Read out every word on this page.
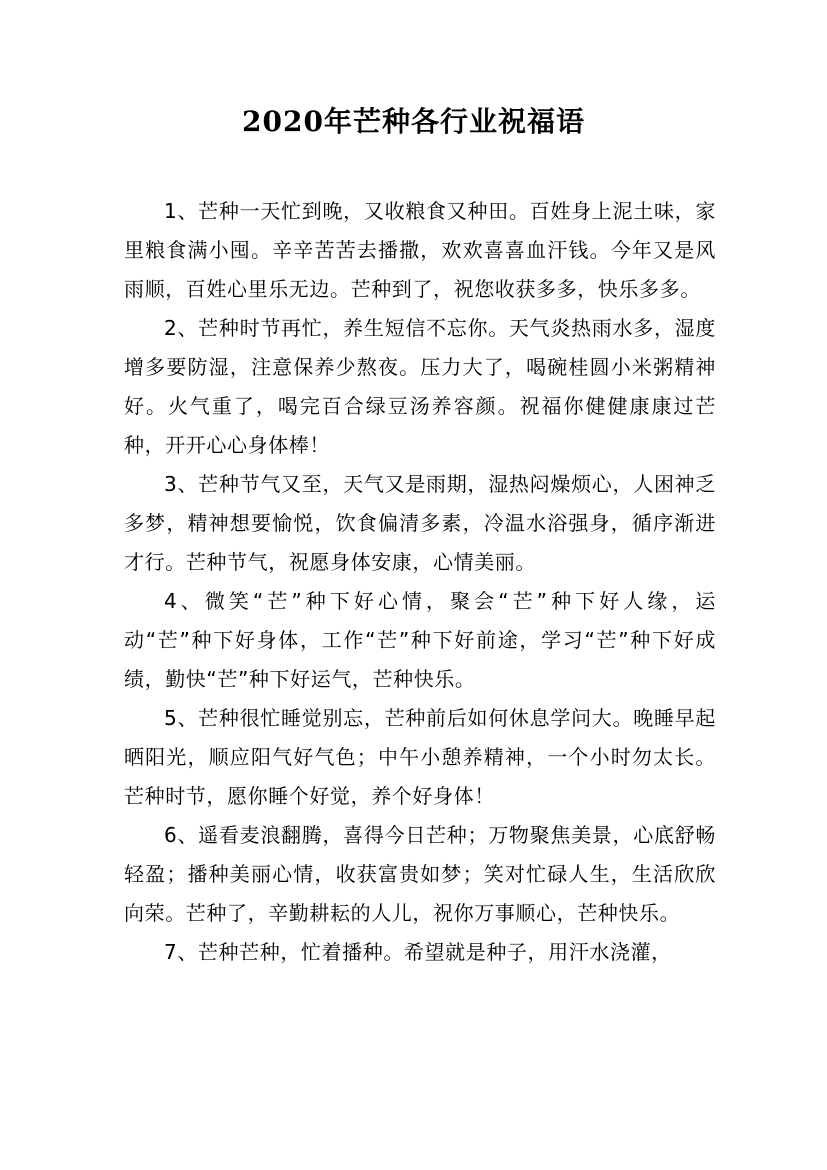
2020年芒种各行业祝福语

1、芒种一天忙到晚，又收粮食又种田。百姓身上泥土味，家里粮食满小囤。辛辛苦苦去播撒，欢欢喜喜血汗钱。今年又是风雨顺，百姓心里乐无边。芒种到了，祝您收获多多，快乐多多。

2、芒种时节再忙，养生短信不忘你。天气炎热雨水多，湿度增多要防湿，注意保养少熬夜。压力大了，喝碗桂圆小米粥精神好。火气重了，喝完百合绿豆汤养容颜。祝福你健健康康过芒种，开开心心身体棒！

3、芒种节气又至，天气又是雨期，湿热闷燥烦心，人困神乏多梦，精神想要愉悦，饮食偏清多素，冷温水浴强身，循序渐进才行。芒种节气，祝愿身体安康，心情美丽。

4、微笑“芒”种下好心情，聚会“芒”种下好人缘，运动“芒”种下好身体，工作“芒”种下好前途，学习“芒”种下好成绩，勤快“芒”种下好运气，芒种快乐。

5、芒种很忙睡觉别忘，芒种前后如何休息学问大。晚睡早起晒阳光，顺应阳气好气色；中午小憩养精神，一个小时勿太长。芒种时节，愿你睡个好觉，养个好身体！

6、遥看麦浪翻腾，喜得今日芒种；万物聚焦美景，心底舒畅轻盈；播种美丽心情，收获富贵如梦；笑对忙碌人生，生活欣欣向荣。芒种了，辛勤耕耘的人儿，祝你万事顺心，芒种快乐。

7、芒种芒种，忙着播种。希望就是种子，用汗水浇灌，
